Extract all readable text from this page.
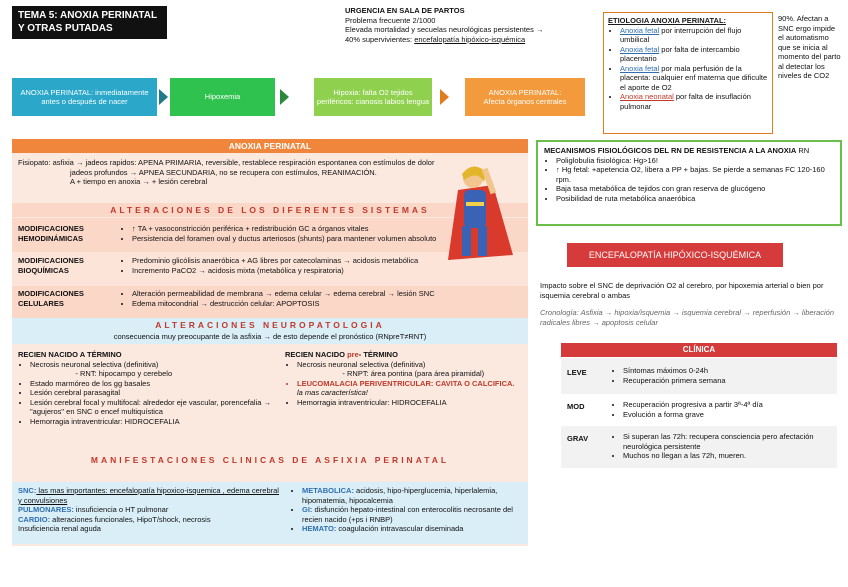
TEMA 5: ANOXIA PERINATAL Y OTRAS PUTADAS
URGENCIA EN SALA DE PARTOS
Problema frecuente 2/1000
Elevada mortalidad y secuelas neurológicas persistentes →
40% supervivientes: encefalopatía hipóxico-isquémica
ANOXIA PERINATAL: inmediatamente antes o después de nacer
Hipoxemia
Hipoxia: falta O2 tejidos periféricos: cianosis labios lengua
ANOXIA PERINATAL:
Afecta órganos centrales
ETIOLOGIA ANOXIA PERINATAL:
• Anoxia fetal por interrupción del flujo umbilical
• Anoxia fetal por falta de intercambio placentario
• Anoxia fetal por mala perfusión de la placenta: cualquier enf materna que dificulte el aporte de O2
• Anoxia neonatal por falta de insuflación pulmonar
90%. Afectan a SNC ergo impide el automatismo que se inicia al momento del parto al detectar los niveles de CO2
ANOXIA PERINATAL
Fisiopato: asfixia → jadeos rapidos: APENA PRIMARIA, reversible, restablece respiración espontanea con estímulos de dolor
jadeos profundos → APNEA SECUNDARIA, no se recupera con estímulos, REANIMACIÓN.
A + tiempo en anoxia → + lesión cerebral
ALTERACIONES DE LOS DIFERENTES SISTEMAS
MODIFICACIONES HEMODINÁMICAS
• ↑ TA + vasoconstricción periférica + redistribución GC a órganos vitales
• Persistencia del foramen oval y ductus arteriosos (shunts) para mantener volumen absoluto
MODIFICACIONES BIOQUÍMICAS
• Predominio glicólisis anaeróbica + AG libres por catecolaminas → acidosis metabólica
• Incremento PaCO2 → acidosis mixta (metabólica y respiratoria)
MODIFICACIONES CELULARES
• Alteración permeabilidad de membrana → edema celular → edema cerebral → lesión SNC
• Edema mitocondrial → destrucción celular: APOPTOSIS
ALTERACIONES NEUROPATOLOGIA
consecuencia muy preocupante de la asfixia → de esto depende el pronóstico (RNpreT≠RNT)
RECIEN NACIDO A TÉRMINO
• Necrosis neuronal selectiva (definitiva)
- RNT: hipocampo y cerebelo
• Estado marmóreo de los gg basales
• Lesión cerebral parasagital
• Lesión cerebral focal y multifocal: alrededor eje vascular, porencefalia → "agujeros" en SNC o encef multiquística
• Hemorragia intraventricular: HIDROCEFALIA
RECIEN NACIDO pre- TÉRMINO
• Necrosis neuronal selectiva (definitiva)
- RNPT: área pontina (para área piramidal)
• LEUCOMALACIA PERIVENTRICULAR: CAVITA O CALCIFICA.
la mas característica!
• Hemorragia intraventricular: HIDROCEFALIA
MANIFESTACIONES CLINICAS DE ASFIXIA PERINATAL
SNC: las mas importantes: encefalopatía hipoxico-isquemica , edema cerebral y convulsiones
PULMONARES: insuficiencia o HT pulmonar
CARDIO: alteraciones funcionales, HipoT/shock, necrosis
Insuficiencia renal aguda
• METABOLICA: acidosis, hipo-hiperglucemia, hiperlalemia, hipomatemia, hipocalcemia
• GI: disfunción hepato-intestinal con enterocolitis necrosante del recien nacido (+ps i RNBP)
• HEMATO: coagulación intravascular diseminada
MECANISMOS FISIOLÓGICOS DEL RN DE RESISTENCIA A LA ANOXIA RN
• Poliglobulia fisiológica: Hg>16!
• ↑ Hg fetal: +apetencia O2, libera a PP + bajas. Se pierde a semanas FC 120-160 rpm.
• Baja tasa metabólica de tejidos con gran reserva de glucógeno
• Posibilidad de ruta metabólica anaeróbica
ENCEFALOPATÍA HIPÓXICO-ISQUÉMICA
Impacto sobre el SNC de deprivación O2 al cerebro, por hipoxemia arterial o bien por isquemia cerebral o ambas
Cronología: Asfixia → hipoxia/isquemia → isquemia cerebral → reperfusión → liberación radicales libres → apoptosis celular
CLÍNICA
LEVE	• Síntomas máximos 0-24h
• Recuperación primera semana
MOD	• Recuperación progresiva a partir 3ª-4ª día
• Evolución a forma grave
GRAV	• Si superan las 72h: recupera consciencia pero afectación neurológica persistente
• Muchos no llegan a las 72h, mueren.
